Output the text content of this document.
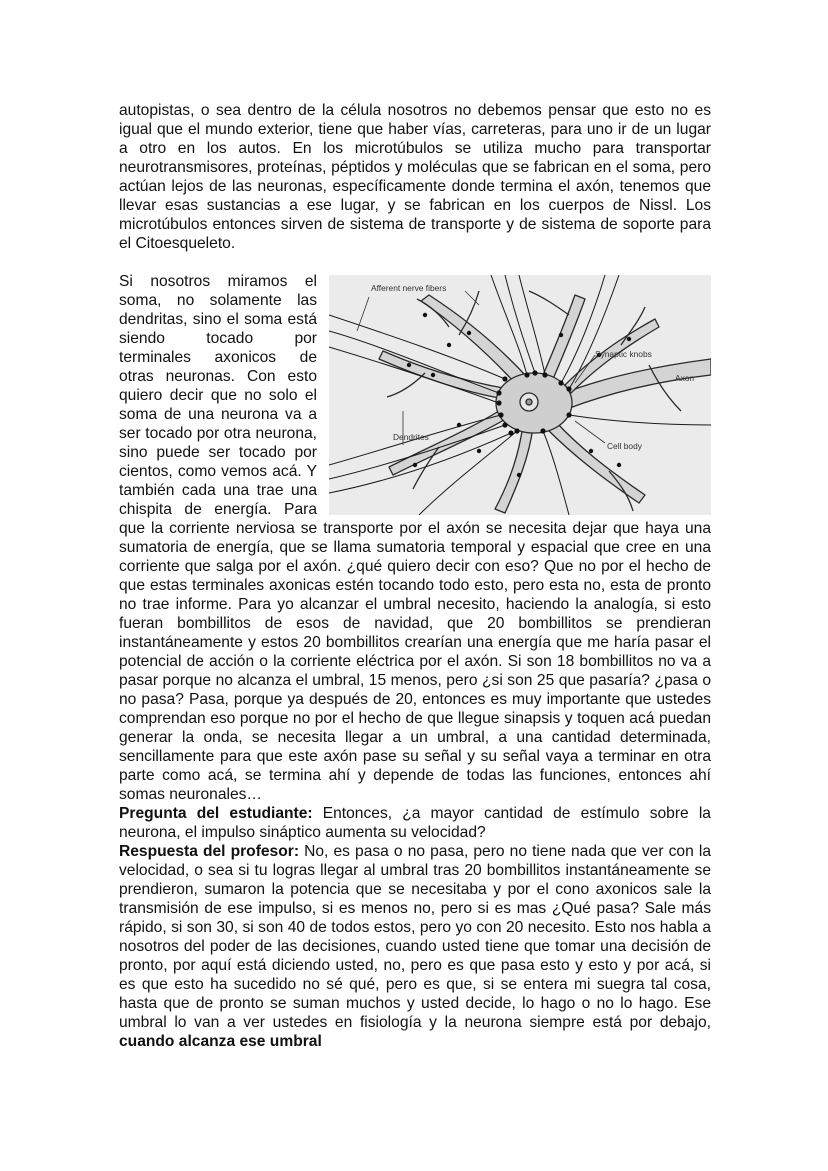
autopistas, o sea dentro de la célula nosotros no debemos pensar que esto no es igual que el mundo exterior, tiene que haber vías, carreteras, para uno ir de un lugar a otro en los autos. En los microtúbulos se utiliza mucho para transportar neurotransmisores, proteínas, péptidos y moléculas que se fabrican en el soma, pero actúan lejos de las neuronas, específicamente donde termina el axón, tenemos que llevar esas sustancias a ese lugar, y se fabrican en los cuerpos de Nissl. Los microtúbulos entonces sirven de sistema de transporte y de sistema de soporte para el Citoesqueleto.

Afferent nerve fibers
Synaptic knobs
Axon
Dendrites
Cell body

Si nosotros miramos el soma, no solamente las dendritas, sino el soma está siendo tocado por terminales axonicos de otras neuronas. Con esto quiero decir que no solo el soma de una neurona va a ser tocado por otra neurona, sino puede ser tocado por cientos, como vemos acá. Y también cada una trae una chispita de energía. Para que la corriente nerviosa se transporte por el axón se necesita dejar que haya una sumatoria de energía, que se llama sumatoria temporal y espacial que cree en una corriente que salga por el axón. ¿qué quiero decir con eso? Que no por el hecho de que estas terminales axonicas estén tocando todo esto, pero esta no, esta de pronto no trae informe. Para yo alcanzar el umbral necesito, haciendo la analogía, si esto fueran bombillitos de esos de navidad, que 20 bombillitos se prendieran instantáneamente y estos 20 bombillitos crearían una energía que me haría pasar el potencial de acción o la corriente eléctrica por el axón. Si son 18 bombillitos no va a pasar porque no alcanza el umbral, 15 menos, pero ¿si son 25 que pasaría? ¿pasa o no pasa? Pasa, porque ya después de 20, entonces es muy importante que ustedes comprendan eso porque no por el hecho de que llegue sinapsis y toquen acá puedan generar la onda, se necesita llegar a un umbral, a una cantidad determinada, sencillamente para que este axón pase su señal y su señal vaya a terminar en otra parte como acá, se termina ahí y depende de todas las funciones, entonces ahí somas neuronales…

Pregunta del estudiante: Entonces, ¿a mayor cantidad de estímulo sobre la neurona, el impulso sináptico aumenta su velocidad?

Respuesta del profesor: No, es pasa o no pasa, pero no tiene nada que ver con la velocidad, o sea si tu logras llegar al umbral tras 20 bombillitos instantáneamente se prendieron, sumaron la potencia que se necesitaba y por el cono axonicos sale la transmisión de ese impulso, si es menos no, pero si es mas ¿Qué pasa? Sale más rápido, si son 30, si son 40 de todos estos, pero yo con 20 necesito. Esto nos habla a nosotros del poder de las decisiones, cuando usted tiene que tomar una decisión de pronto, por aquí está diciendo usted, no, pero es que pasa esto y esto y por acá, si es que esto ha sucedido no sé qué, pero es que, si se entera mi suegra tal cosa, hasta que de pronto se suman muchos y usted decide, lo hago o no lo hago. Ese umbral lo van a ver ustedes en fisiología y la neurona siempre está por debajo, cuando alcanza ese umbral
